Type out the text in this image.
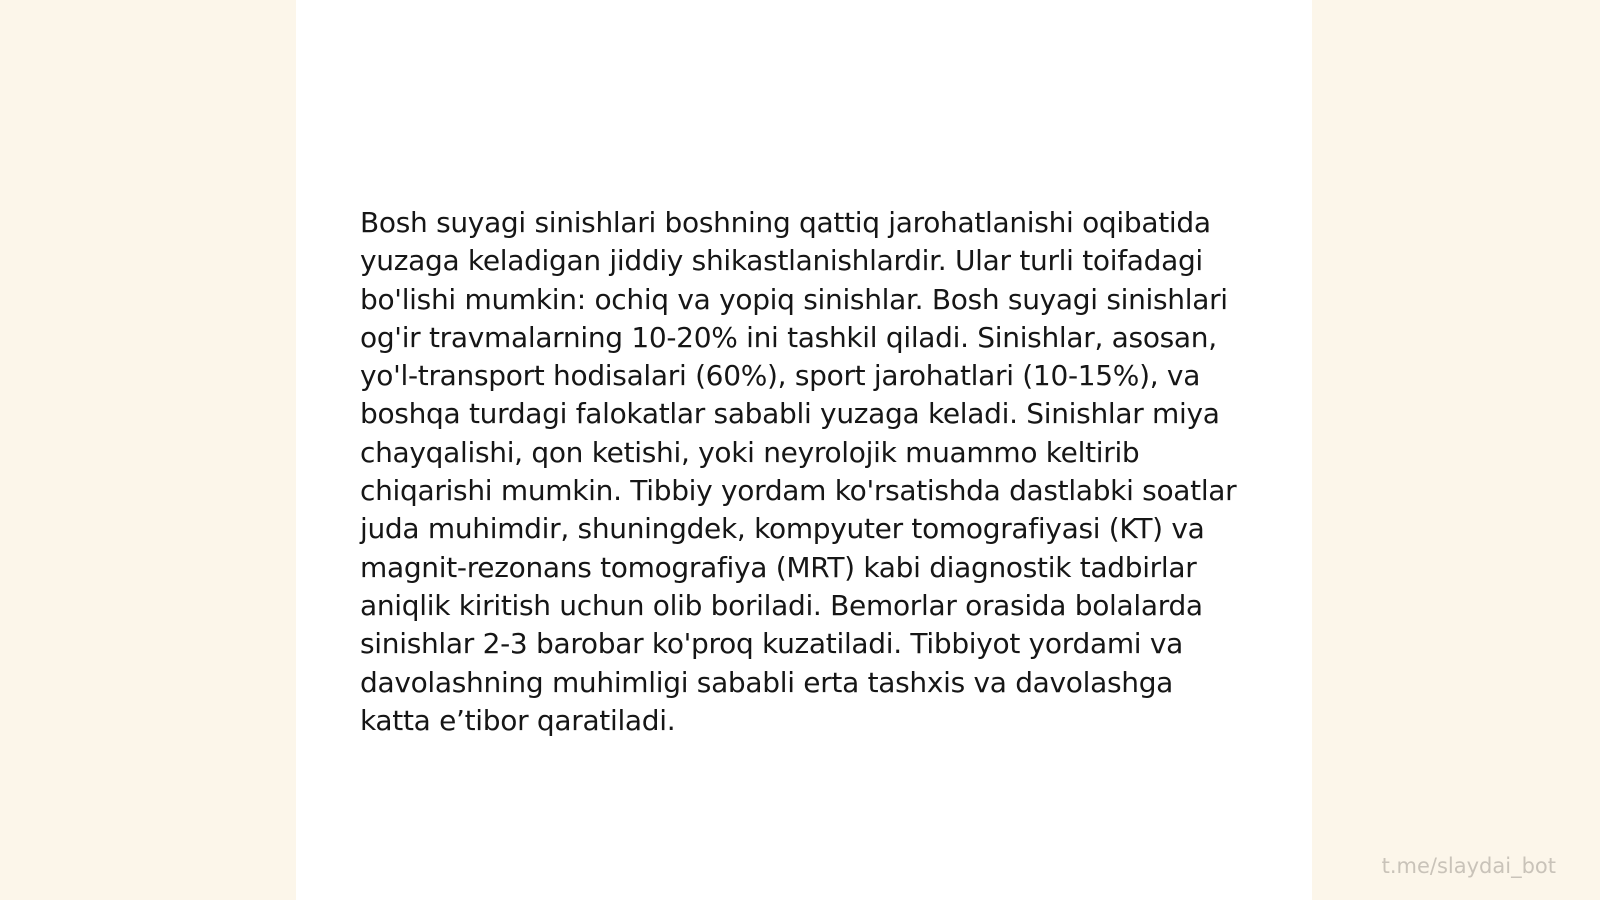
Bosh suyagi sinishlari boshning qattiq jarohatlanishi oqibatida yuzaga keladigan jiddiy shikastlanishlardir. Ular turli toifadagi bo'lishi mumkin: ochiq va yopiq sinishlar. Bosh suyagi sinishlari og'ir travmalarning 10-20% ini tashkil qiladi. Sinishlar, asosan, yo'l-transport hodisalari (60%), sport jarohatlari (10-15%), va boshqa turdagi falokatlar sababli yuzaga keladi. Sinishlar miya chayqalishi, qon ketishi, yoki neyrolojik muammo keltirib chiqarishi mumkin. Tibbiy yordam ko'rsatishda dastlabki soatlar juda muhimdir, shuningdek, kompyuter tomografiyasi (KT) va magnit-rezonans tomografiya (MRT) kabi diagnostik tadbirlar aniqlik kiritish uchun olib boriladi. Bemorlar orasida bolalarda sinishlar 2-3 barobar ko'proq kuzatiladi. Tibbiyot yordami va davolashning muhimligi sababli erta tashxis va davolashga katta e’tibor qaratiladi.

t.me/slaydai_bot
